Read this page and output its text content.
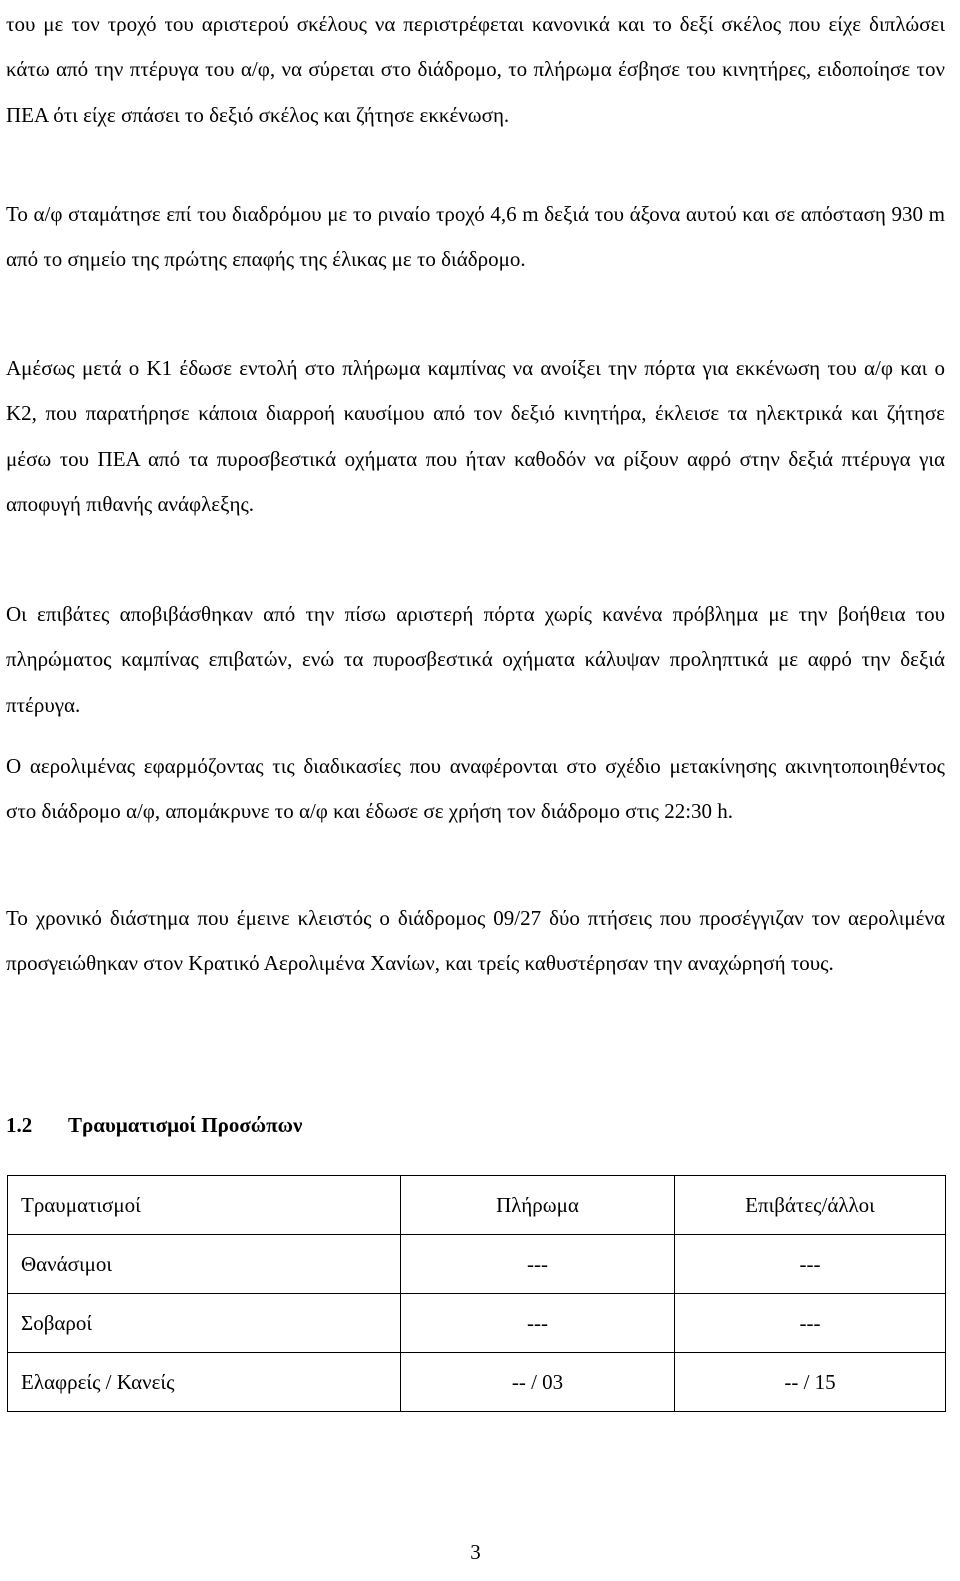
του με τον τροχό του αριστερού σκέλους να περιστρέφεται κανονικά και το δεξί σκέλος που είχε διπλώσει κάτω από την πτέρυγα του α/φ, να σύρεται στο διάδρομο, το πλήρωμα έσβησε του κινητήρες, ειδοποίησε τον ΠΕΑ ότι είχε σπάσει το δεξιό σκέλος και ζήτησε εκκένωση.

Το α/φ σταμάτησε επί του διαδρόμου με το ριναίο τροχό 4,6 m δεξιά του άξονα αυτού και σε απόσταση 930 m από το σημείο της πρώτης επαφής της έλικας με το διάδρομο.

Αμέσως μετά ο Κ1 έδωσε εντολή στο πλήρωμα καμπίνας να ανοίξει την πόρτα για εκκένωση του α/φ και ο Κ2, που παρατήρησε κάποια διαρροή καυσίμου από τον δεξιό κινητήρα, έκλεισε τα ηλεκτρικά και ζήτησε μέσω του ΠΕΑ από τα πυροσβεστικά οχήματα που ήταν καθοδόν να ρίξουν αφρό στην δεξιά πτέρυγα για αποφυγή πιθανής ανάφλεξης.

Οι επιβάτες αποβιβάσθηκαν από την πίσω αριστερή πόρτα χωρίς κανένα πρόβλημα με την βοήθεια του πληρώματος καμπίνας επιβατών, ενώ τα πυροσβεστικά οχήματα κάλυψαν προληπτικά με αφρό την δεξιά πτέρυγα.

Ο αερολιμένας εφαρμόζοντας τις διαδικασίες που αναφέρονται στο σχέδιο μετακίνησης ακινητοποιηθέντος στο διάδρομο α/φ, απομάκρυνε το α/φ και έδωσε σε χρήση τον διάδρομο στις 22:30 h.

Το χρονικό διάστημα που έμεινε κλειστός ο διάδρομος 09/27 δύο πτήσεις που προσέγγιζαν τον αερολιμένα προσγειώθηκαν στον Κρατικό Αερολιμένα Χανίων, και τρείς καθυστέρησαν την αναχώρησή τους.

1.2 Τραυματισμοί Προσώπων
Τραυματισμοί	Πλήρωμα	Επιβάτες/άλλοι
Θανάσιμοι	---	---
Σοβαροί	---	---
Ελαφρείς / Κανείς	-- / 03	-- / 15
3
